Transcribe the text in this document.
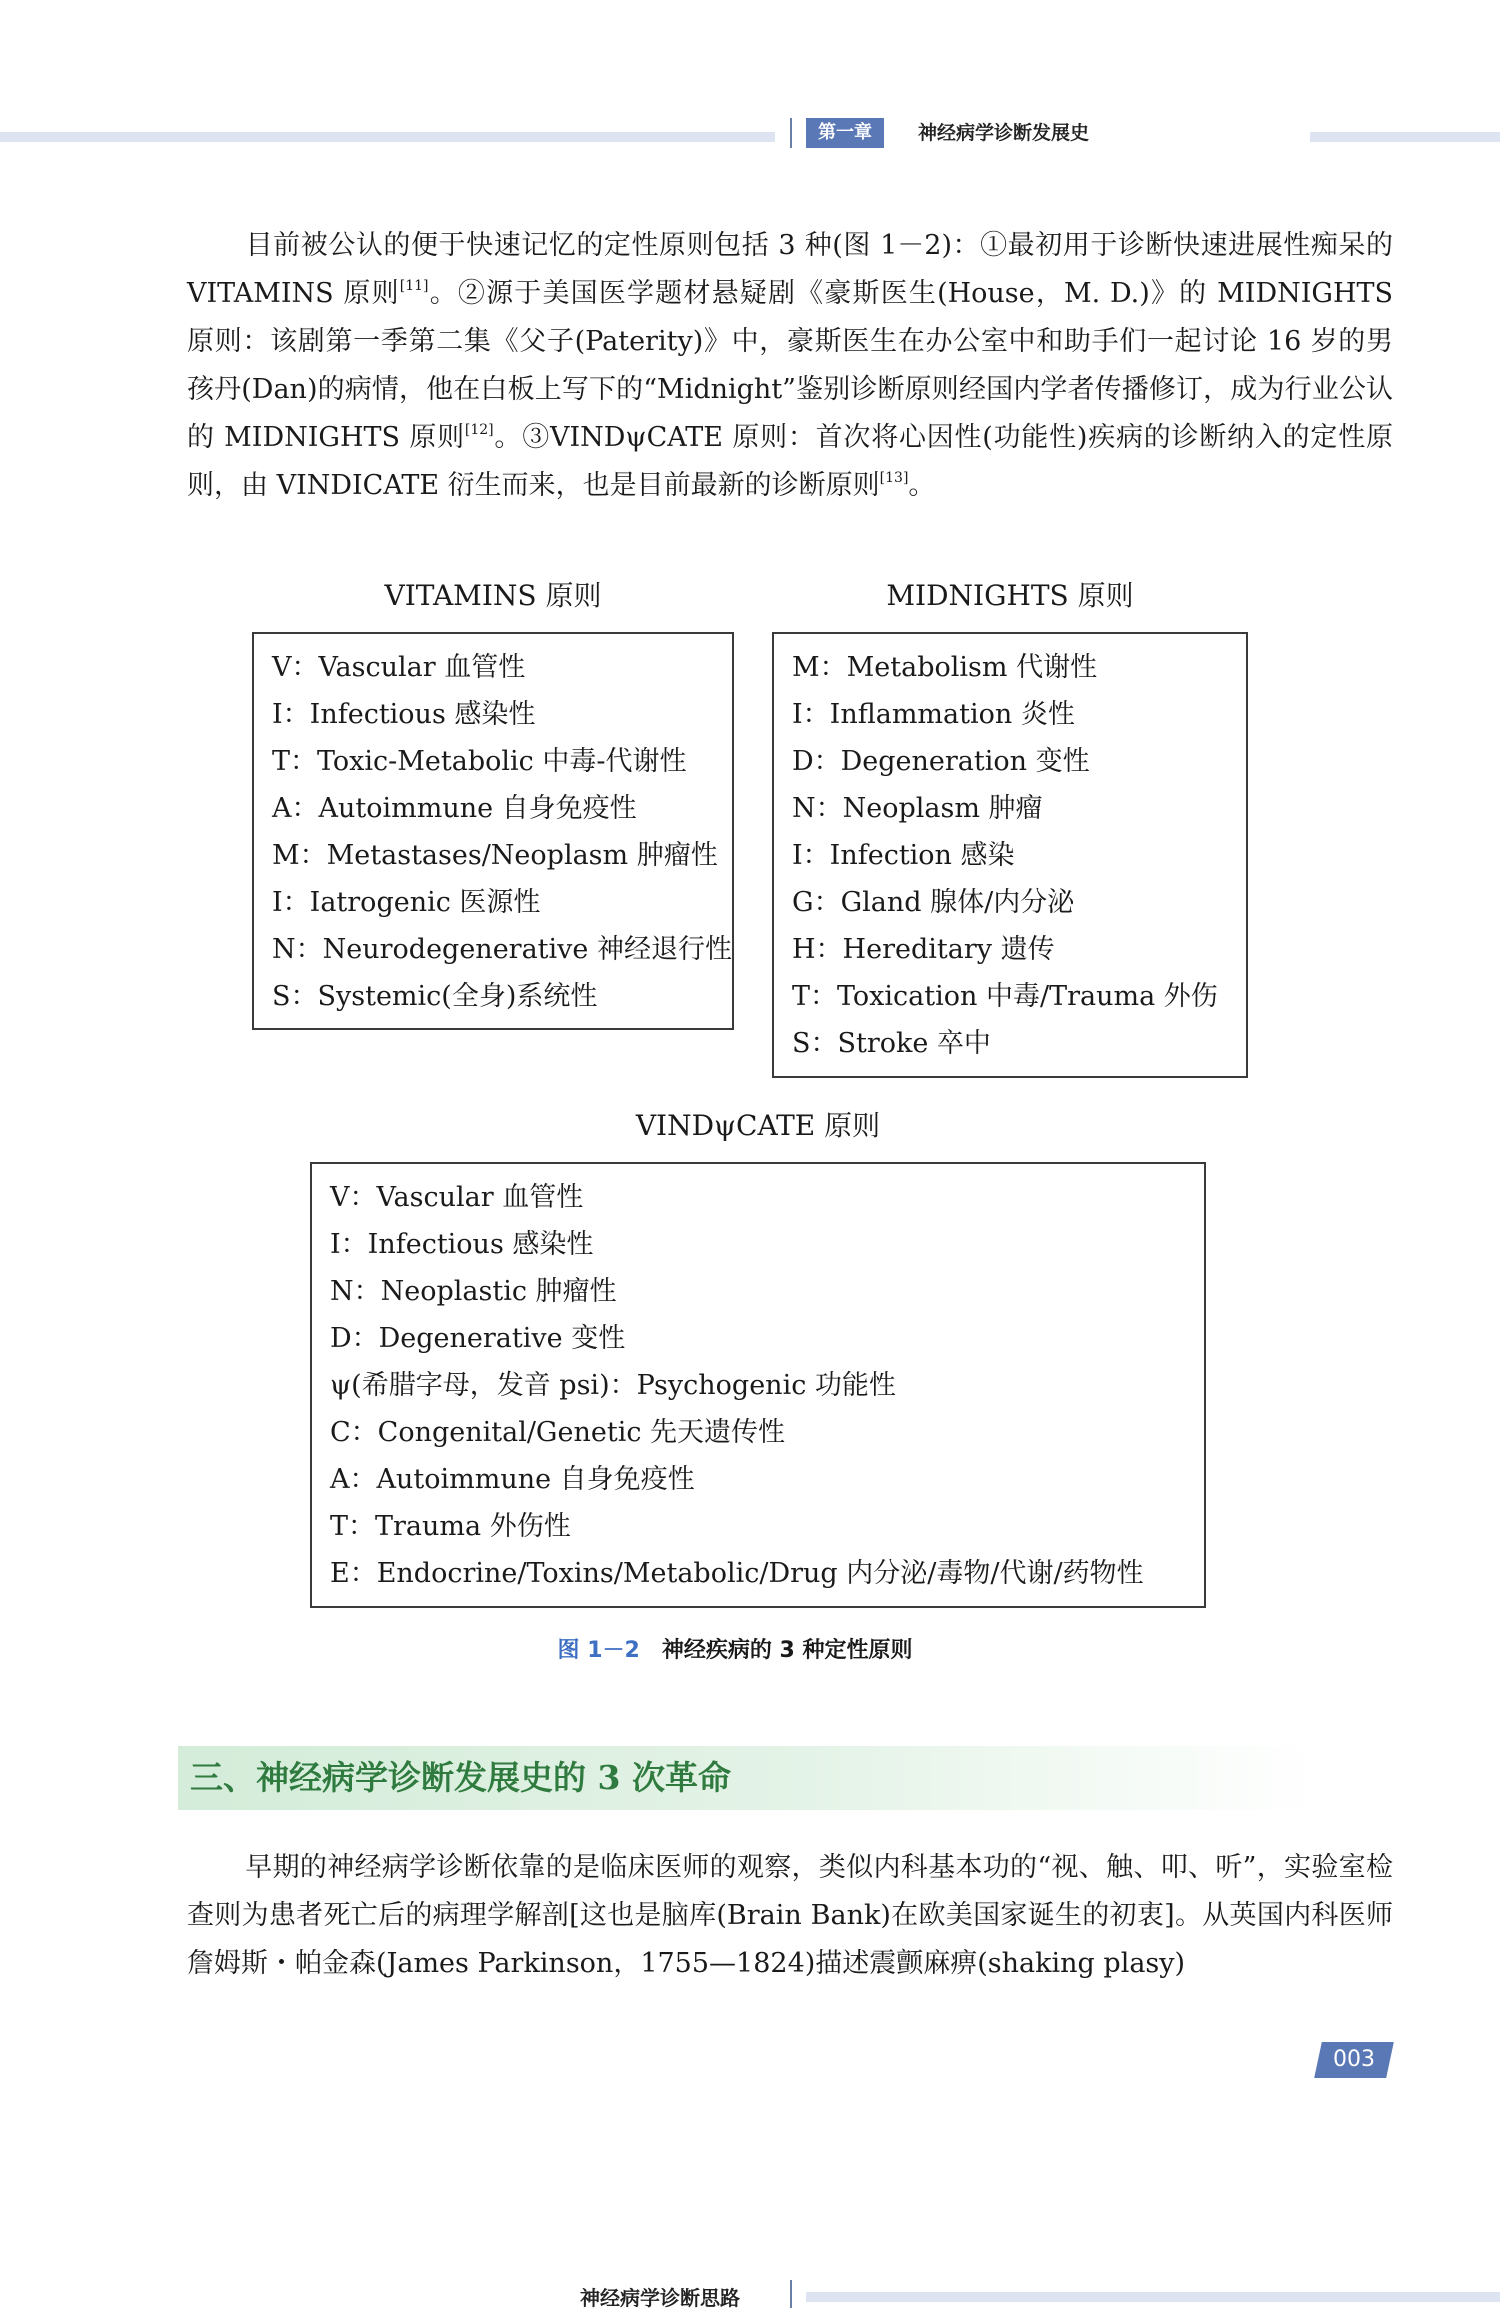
第一章	神经病学诊断发展史

目前被公认的便于快速记忆的定性原则包括 3 种(图 1－2)：①最初用于诊断快速进展性痴呆的 VITAMINS 原则[11]。②源于美国医学题材悬疑剧《豪斯医生(House，M. D.)》的 MIDNIGHTS 原则：该剧第一季第二集《父子(Paterity)》中，豪斯医生在办公室中和助手们一起讨论 16 岁的男孩丹(Dan)的病情，他在白板上写下的“Midnight”鉴别诊断原则经国内学者传播修订，成为行业公认的 MIDNIGHTS 原则[12]。③VINDψCATE 原则：首次将心因性(功能性)疾病的诊断纳入的定性原则，由 VINDICATE 衍生而来，也是目前最新的诊断原则[13]。

VITAMINS 原则
V：Vascular 血管性
I：Infectious 感染性
T：Toxic-Metabolic 中毒-代谢性
A：Autoimmune 自身免疫性
M：Metastases/Neoplasm 肿瘤性
I：Iatrogenic 医源性
N：Neurodegenerative 神经退行性
S：Systemic(全身)系统性
MIDNIGHTS 原则
M：Metabolism 代谢性
I：Inflammation 炎性
D：Degeneration 变性
N：Neoplasm 肿瘤
I：Infection 感染
G：Gland 腺体/内分泌
H：Hereditary 遗传
T：Toxication 中毒/Trauma 外伤
S：Stroke 卒中
VINDψCATE 原则
V：Vascular 血管性
I：Infectious 感染性
N：Neoplastic 肿瘤性
D：Degenerative 变性
ψ(希腊字母，发音 psi)：Psychogenic 功能性
C：Congenital/Genetic 先天遗传性
A：Autoimmune 自身免疫性
T：Trauma 外伤性
E：Endocrine/Toxins/Metabolic/Drug 内分泌/毒物/代谢/药物性
图 1－2 神经疾病的 3 种定性原则
三、神经病学诊断发展史的 3 次革命

早期的神经病学诊断依靠的是临床医师的观察，类似内科基本功的“视、触、叩、听”，实验室检查则为患者死亡后的病理学解剖[这也是脑库(Brain Bank)在欧美国家诞生的初衷]。从英国内科医师詹姆斯・帕金森(James Parkinson，1755—1824)描述震颤麻痹(shaking plasy)

003
神经病学诊断思路
